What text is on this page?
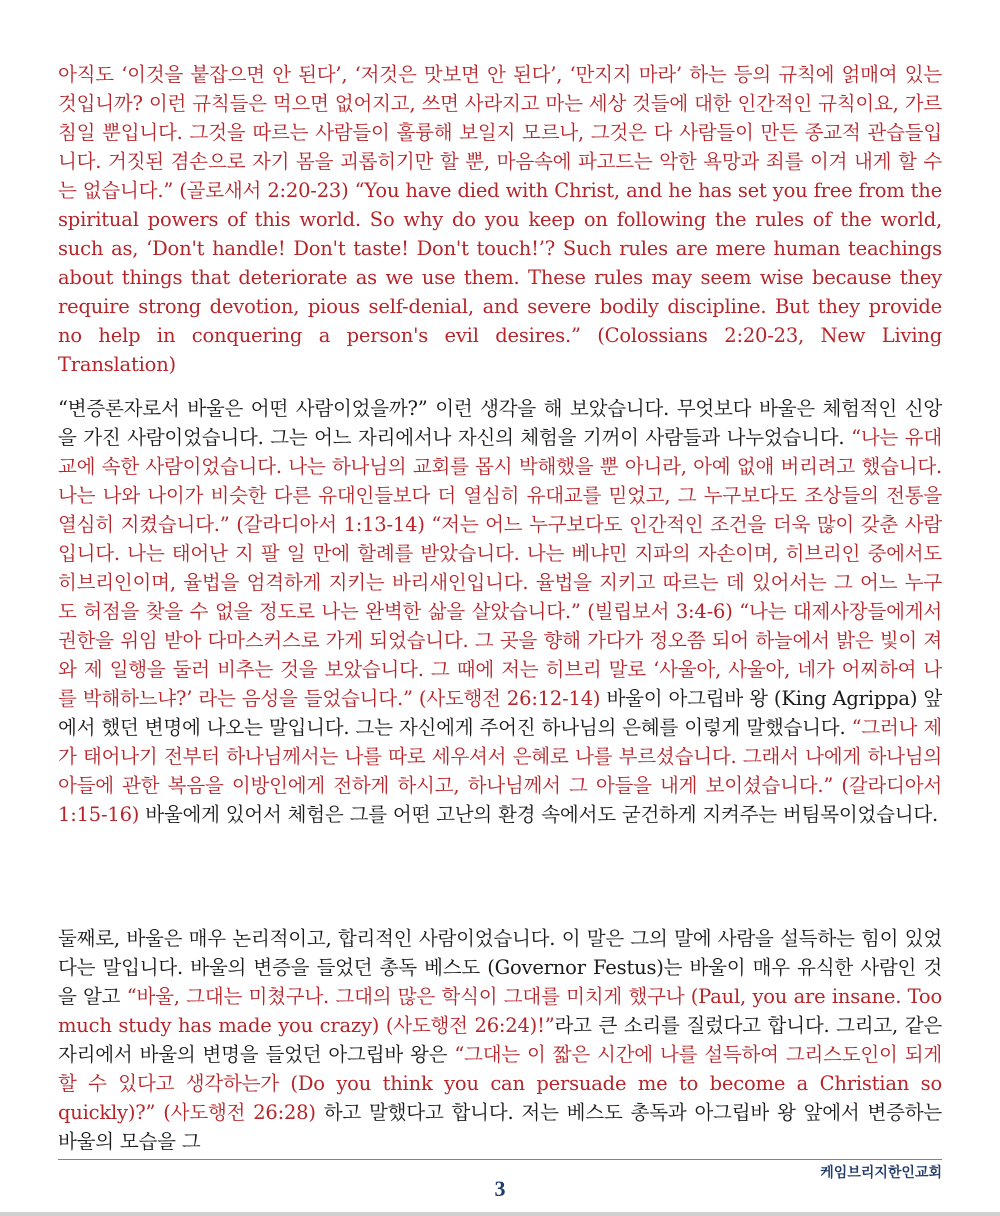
아직도 ‘이것을 붙잡으면 안 된다’, ‘저것은 맛보면 안 된다’, ‘만지지 마라’ 하는 등의 규칙에 얽매여 있는 것입니까? 이런 규칙들은 먹으면 없어지고, 쓰면 사라지고 마는 세상 것들에 대한 인간적인 규칙이요, 가르침일 뿐입니다. 그것을 따르는 사람들이 훌륭해 보일지 모르나, 그것은 다 사람들이 만든 종교적 관습들입니다. 거짓된 겸손으로 자기 몸을 괴롭히기만 할 뿐, 마음속에 파고드는 악한 욕망과 죄를 이겨 내게 할 수는 없습니다.” (골로새서 2:20-23) “You have died with Christ, and he has set you free from the spiritual powers of this world. So why do you keep on following the rules of the world, such as, ‘Don't handle! Don't taste! Don't touch!’? Such rules are mere human teachings about things that deteriorate as we use them. These rules may seem wise because they require strong devotion, pious self-denial, and severe bodily discipline. But they provide no help in conquering a person's evil desires.” (Colossians 2:20-23, New Living Translation)

“변증론자로서 바울은 어떤 사람이었을까?” 이런 생각을 해 보았습니다. 무엇보다 바울은 체험적인 신앙을 가진 사람이었습니다. 그는 어느 자리에서나 자신의 체험을 기꺼이 사람들과 나누었습니다. “나는 유대교에 속한 사람이었습니다. 나는 하나님의 교회를 몹시 박해했을 뿐 아니라, 아예 없애 버리려고 했습니다. 나는 나와 나이가 비슷한 다른 유대인들보다 더 열심히 유대교를 믿었고, 그 누구보다도 조상들의 전통을 열심히 지켰습니다.” (갈라디아서 1:13-14) “저는 어느 누구보다도 인간적인 조건을 더욱 많이 갖춘 사람입니다. 나는 태어난 지 팔 일 만에 할례를 받았습니다. 나는 베냐민 지파의 자손이며, 히브리인 중에서도 히브리인이며, 율법을 엄격하게 지키는 바리새인입니다. 율법을 지키고 따르는 데 있어서는 그 어느 누구도 허점을 찾을 수 없을 정도로 나는 완벽한 삶을 살았습니다.” (빌립보서 3:4-6) “나는 대제사장들에게서 권한을 위임 받아 다마스커스로 가게 되었습니다. 그 곳을 향해 가다가 정오쯤 되어 하늘에서 밝은 빛이 져와 제 일행을 둘러 비추는 것을 보았습니다. 그 때에 저는 히브리 말로 ‘사울아, 사울아, 네가 어찌하여 나를 박해하느냐?’ 라는 음성을 들었습니다.” (사도행전 26:12-14) 바울이 아그립바 왕 (King Agrippa) 앞에서 했던 변명에 나오는 말입니다. 그는 자신에게 주어진 하나님의 은혜를 이렇게 말했습니다. “그러나 제가 태어나기 전부터 하나님께서는 나를 따로 세우셔서 은혜로 나를 부르셨습니다. 그래서 나에게 하나님의 아들에 관한 복음을 이방인에게 전하게 하시고, 하나님께서 그 아들을 내게 보이셨습니다.” (갈라디아서 1:15-16) 바울에게 있어서 체험은 그를 어떤 고난의 환경 속에서도 굳건하게 지켜주는 버팀목이었습니다.

둘째로, 바울은 매우 논리적이고, 합리적인 사람이었습니다. 이 말은 그의 말에 사람을 설득하는 힘이 있었다는 말입니다. 바울의 변증을 들었던 총독 베스도 (Governor Festus)는 바울이 매우 유식한 사람인 것을 알고 “바울, 그대는 미쳤구나. 그대의 많은 학식이 그대를 미치게 했구나 (Paul, you are insane. Too much study has made you crazy) (사도행전 26:24)!”라고 큰 소리를 질렀다고 합니다. 그리고, 같은 자리에서 바울의 변명을 들었던 아그립바 왕은 “그대는 이 짧은 시간에 나를 설득하여 그리스도인이 되게 할 수 있다고 생각하는가 (Do you think you can persuade me to become a Christian so quickly)?” (사도행전 26:28) 하고 말했다고 합니다. 저는 베스도 총독과 아그립바 왕 앞에서 변증하는 바울의 모습을 그

케임브리지한인교회
3
